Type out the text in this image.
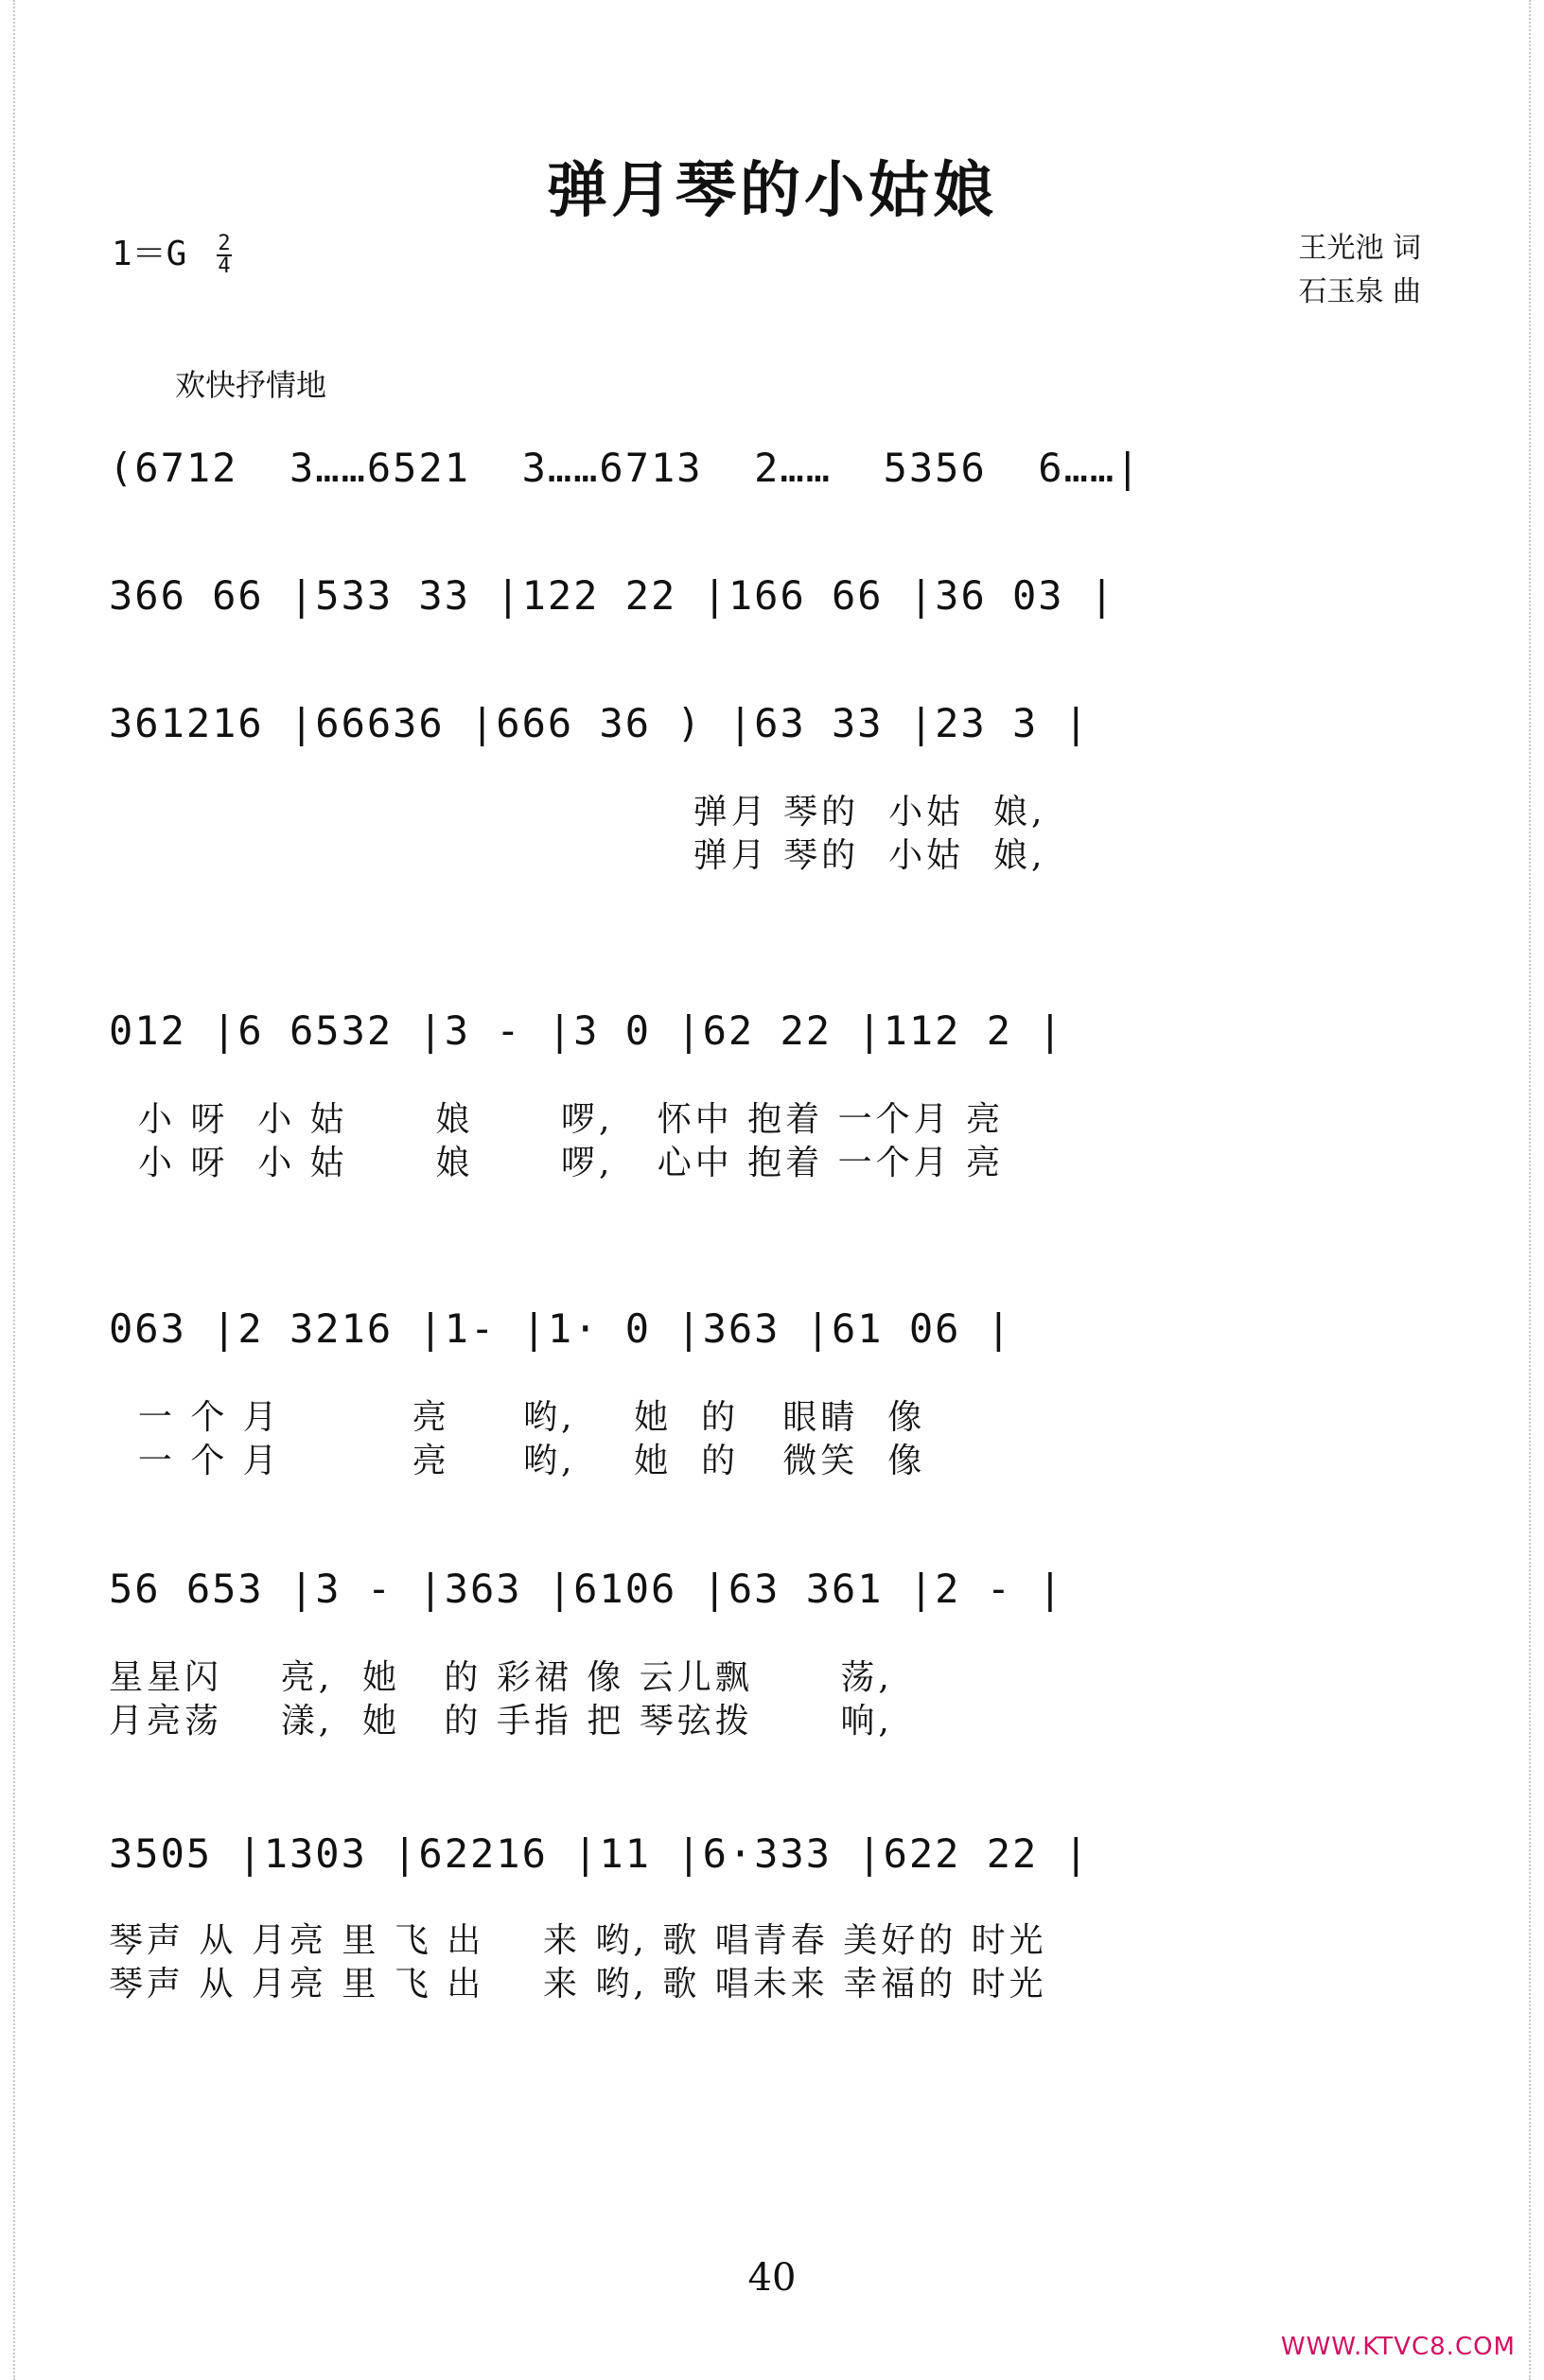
弹月琴的小姑娘
$1=G \frac{2}{4}$	王光池 词
石玉泉 曲
欢快抒情地
(6712  3……6521  3……6713  2……  5356  6……|
366 66 |533 33 |122 22 |166 66 |36 03 |
361216 |66636 |666 36 ) |63 33 |23 3 |
弹月 琴的  小姑  娘,
弹月 琴的  小姑  娘,
012 |6 6532 |3 - |3 0 |62 22 |112 2 |
小 呀  小 姑      娘      啰,   怀中 抱着 一个月 亮
小 呀  小 姑      娘      啰,   心中 抱着 一个月 亮
063 |2 3216 |1- |1· 0 |363 |61 06 |
一 个 月         亮     哟,    她  的   眼睛  像
一 个 月         亮     哟,    她  的   微笑  像
56 653 |3 - |363 |6106 |63 361 |2 - |
星星闪    亮,  她   的 彩裙 像 云儿飘      荡,
月亮荡    漾,  她   的 手指 把 琴弦拨      响,
3505 |1303 |62216 |11 |6·333 |622 22 |
琴声 从 月亮 里 飞 出    来 哟, 歌 唱青春 美好的 时光
琴声 从 月亮 里 飞 出    来 哟, 歌 唱未来 幸福的 时光
40
WWW.KTVC8.COM
